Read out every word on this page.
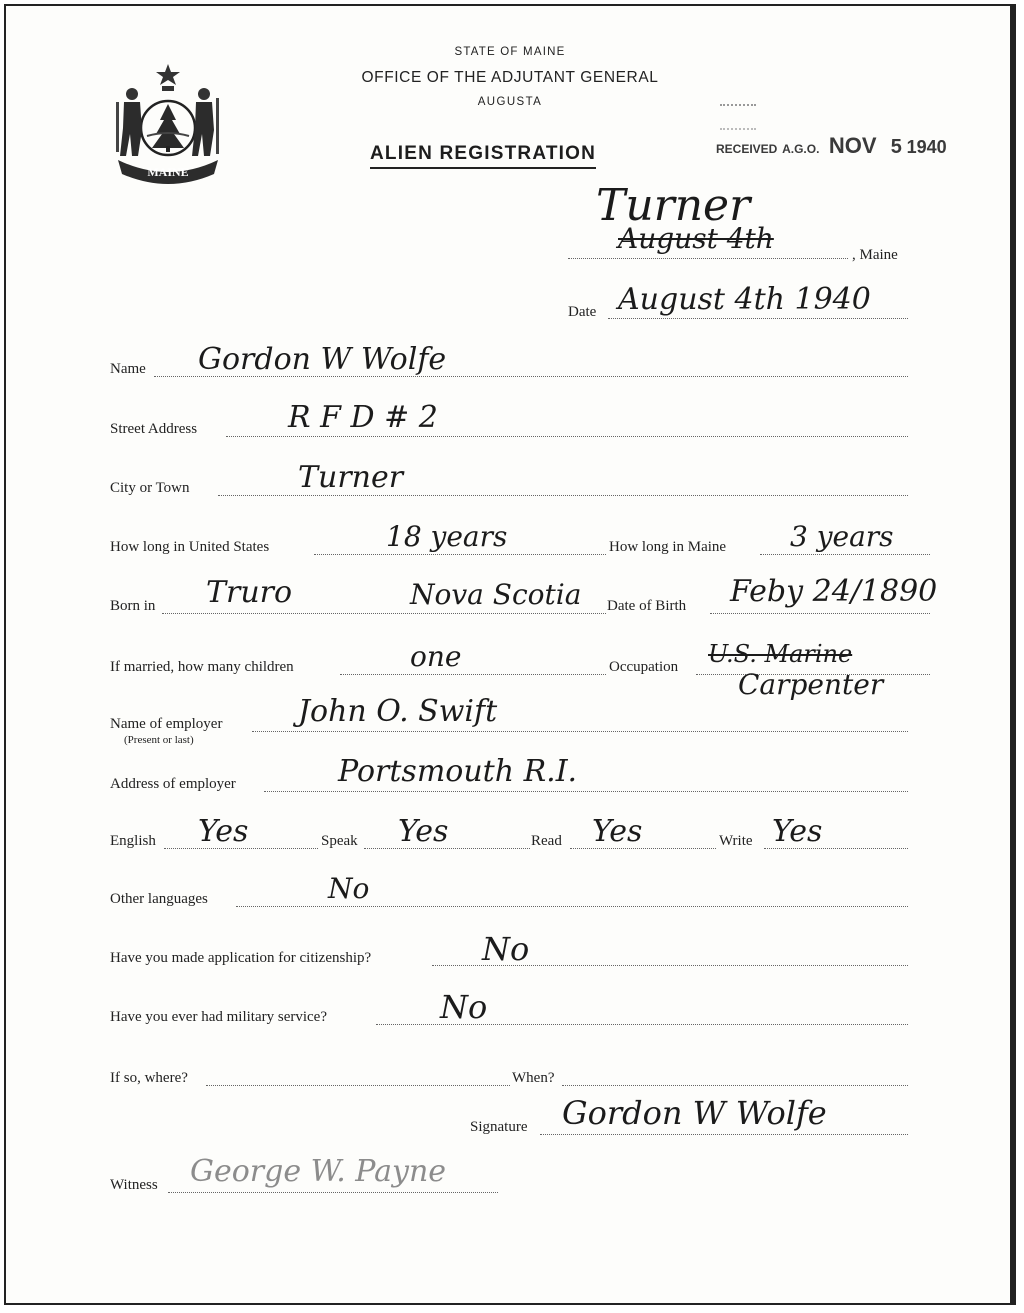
MAINE
STATE OF MAINE
OFFICE OF THE ADJUTANT GENERAL
AUGUSTA
ALIEN REGISTRATION	RECEIVED A.G.O. NOV 5 1940
Turner
August 4th	, Maine
Date August 4th 1940
Name Gordon W Wolfe
Street Address	R F D # 2
City or Town	Turner
How long in United States	18 years	How long in Maine 3 years
Born in Truro	Nova Scotia Date of Birth Feby 24/1890
If married, how many children	one	Occupation U.S. Marine
Carpenter
Name of employer
(Present or last)
John O. Swift
Address of employer	Portsmouth R.I.
English Yes	Speak Yes	Read Yes	Write Yes
Other languages	No
Have you made application for citizenship?	No
Have you ever had military service?	No
If so, where?	When?
Signature Gordon W Wolfe
Witness George W. Payne
